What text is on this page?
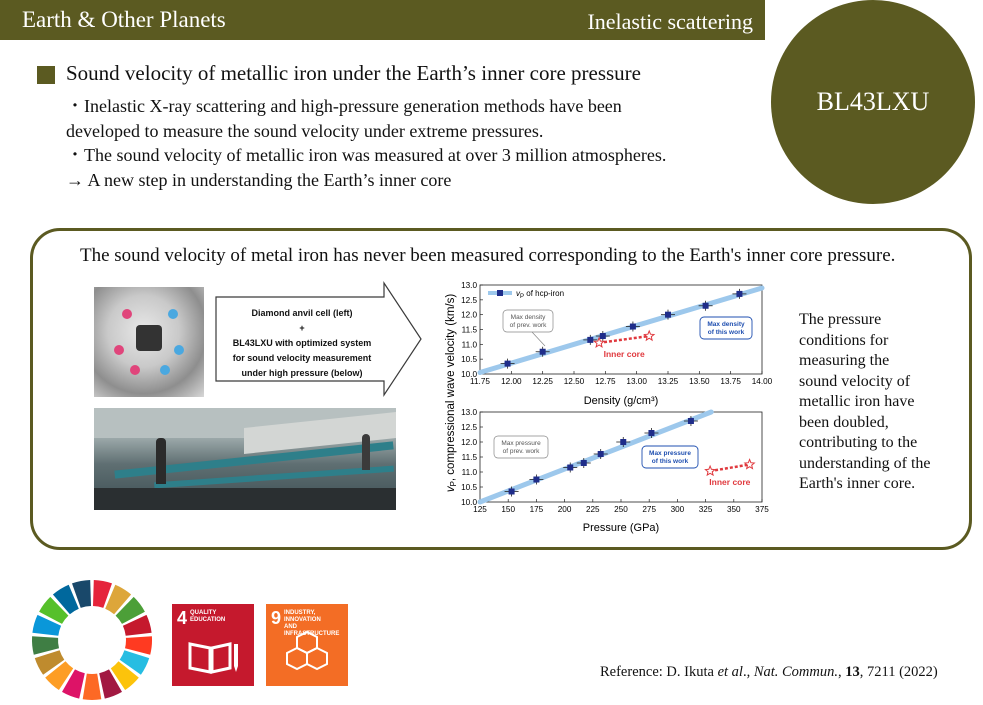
Earth & Other Planets	Inelastic scattering
BL43LXU
Sound velocity of metallic iron under the Earth’s inner core pressure
・Inelastic X-ray scattering and high-pressure generation methods have been
developed to measure the sound velocity under extreme pressures.
・The sound velocity of metallic iron was measured at over 3 million atmospheres.
→ A new step in understanding the Earth’s inner core
The sound velocity of metal iron has never been measured corresponding to the Earth's inner core pressure.
Diamond anvil cell (left)
+
BL43LXU with optimized system
for sound velocity measurement
under high pressure (below)
vP, compressional wave velocity (km/s)	Density (g/cm³)
Pressure (GPa)
11.75 12.00 12.25 12.50 12.75 13.00 13.25 13.50 13.75 14.00
10.0
10.5
11.0
11.5
12.0
12.5
13.0
125 150 175 200 225 250 275 300 325 350 375
10.0
10.5
11.0
11.5
12.0
12.5
13.0
Inner core
Inner core
$v_P$ of hcp-iron
Max density
of prev. work	Max density
of this work
Max pressure
of prev. work	Max pressure
of this work
The pressure
conditions for
measuring the
sound velocity of
metallic iron have
been doubled,
contributing to the
understanding of the
Earth's inner core.
4 QUALITY
EDUCATION	9 INDUSTRY, INNOVATION
AND INFRASTRUCTURE
Reference: D. Ikuta et al., Nat. Commun., 13, 7211 (2022)
